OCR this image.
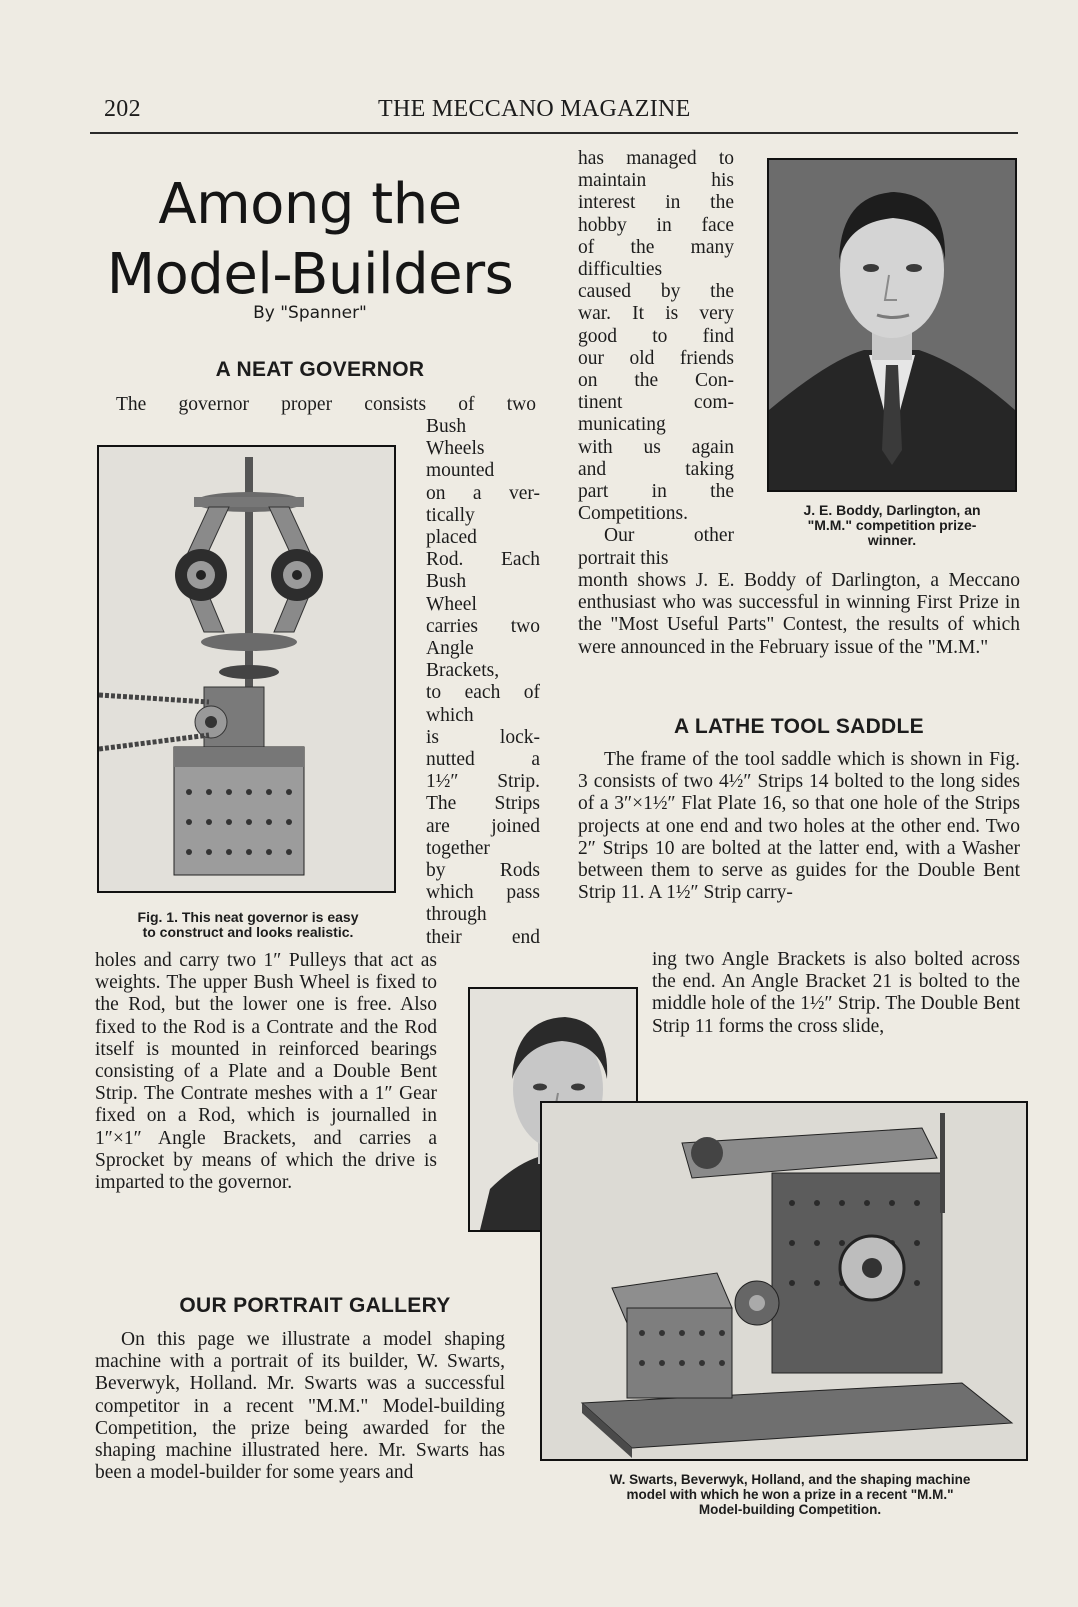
202	THE MECCANO MAGAZINE
Among the
Model-Builders
By "Spanner"
A NEAT GOVERNOR
The governor proper consists of two
Fig. 1. This neat governor is easy
to construct and looks realistic.
Bush
Wheels
mounted
on a ver-
tically
placed
Rod. Each
Bush
Wheel
carries two
Angle
Brackets,
to each of
which
is lock-
nutted a
1½″ Strip.
The Strips
are joined
together
by Rods
which pass
through
their end
holes and carry two 1″ Pulleys that act as weights. The upper Bush Wheel is fixed to the Rod, but the lower one is free. Also fixed to the Rod is a Contrate and the Rod itself is mounted in reinforced bearings consisting of a Plate and a Double Bent Strip. The Contrate meshes with a 1″ Gear fixed on a Rod, which is journalled in 1″×1″ Angle Brackets, and carries a Sprocket by means of which the drive is imparted to the governor.
OUR PORTRAIT GALLERY
On this page we illustrate a model shaping machine with a portrait of its builder, W. Swarts, Beverwyk, Holland. Mr. Swarts was a successful competitor in a recent "M.M." Model-building Competition, the prize being awarded for the shaping machine illustrated here. Mr. Swarts has been a model-builder for some years and
has managed to
maintain his
interest in the
hobby in face
of the many
difficulties
caused by the
war. It is very
good to find
our old friends
on the Con-
tinent com-
municating
with us again
and taking
part in the
Competitions.
Our other
portrait this
J. E. Boddy, Darlington, an
"M.M." competition prize-
winner.
month shows J. E. Boddy of Darlington, a Meccano enthusiast who was successful in winning First Prize in the "Most Useful Parts" Contest, the results of which were announced in the February issue of the "M.M."
A LATHE TOOL SADDLE
The frame of the tool saddle which is shown in Fig. 3 consists of two 4½″ Strips 14 bolted to the long sides of a 3″×1½″ Flat Plate 16, so that one hole of the Strips projects at one end and two holes at the other end. Two 2″ Strips 10 are bolted at the latter end, with a Washer between them to serve as guides for the Double Bent Strip 11. A 1½″ Strip carry-
ing two Angle Brackets is also bolted across the end. An Angle Bracket 21 is bolted to the middle hole of the 1½″ Strip. The Double Bent Strip 11 forms the cross slide,
W. Swarts, Beverwyk, Holland, and the shaping machine
model with which he won a prize in a recent "M.M."
Model-building Competition.
